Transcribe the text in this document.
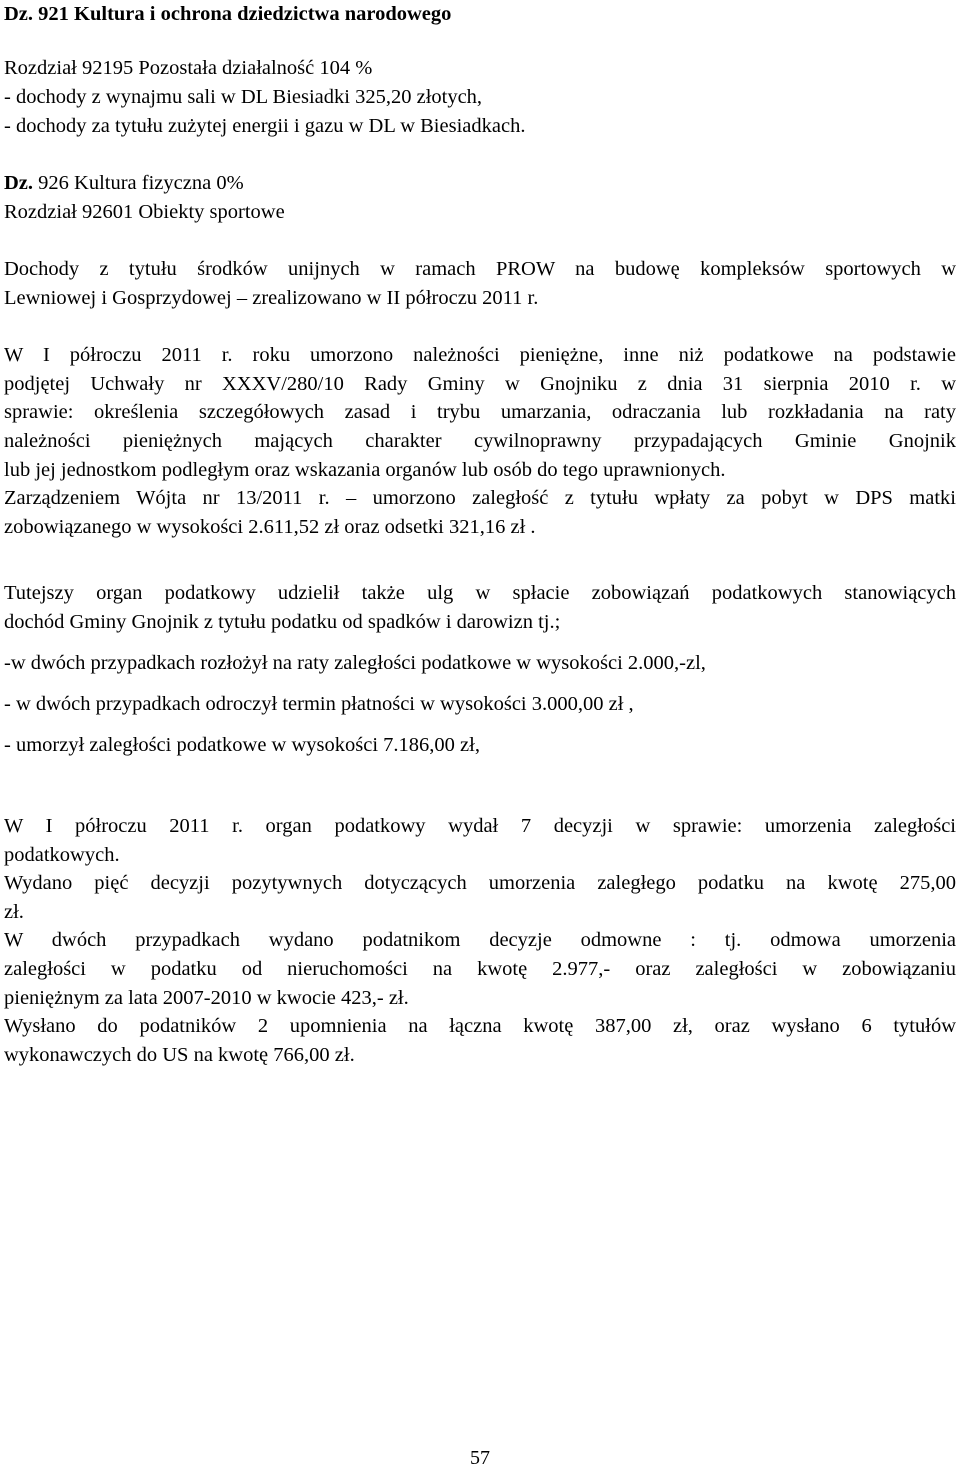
Dz. 921 Kultura i ochrona dziedzictwa narodowego
Rozdział 92195 Pozostała działalność 104 %
- dochody z wynajmu sali w DL Biesiadki 325,20 złotych,
- dochody za tytułu zużytej energii i gazu w DL w Biesiadkach.
Dz. 926 Kultura fizyczna 0%
Rozdział 92601 Obiekty sportowe
Dochody z tytułu środków unijnych w ramach PROW na budowę kompleksów sportowych w
Lewniowej i Gosprzydowej – zrealizowano w II półroczu 2011 r.
W I półroczu 2011 r. roku umorzono należności pieniężne, inne niż podatkowe na podstawie
podjętej Uchwały nr XXXV/280/10 Rady Gminy w Gnojniku z dnia 31 sierpnia 2010 r. w
sprawie: określenia szczegółowych zasad i trybu umarzania, odraczania lub rozkładania na raty
należności pieniężnych mających charakter cywilnoprawny przypadających Gminie Gnojnik
lub jej jednostkom podległym oraz wskazania organów lub osób do tego uprawnionych.
Zarządzeniem Wójta nr 13/2011 r. – umorzono zaległość z tytułu wpłaty za pobyt w DPS matki
zobowiązanego w wysokości 2.611,52 zł oraz odsetki 321,16 zł .
Tutejszy organ podatkowy udzielił także ulg w spłacie zobowiązań podatkowych stanowiących
dochód Gminy Gnojnik z tytułu podatku od spadków i darowizn tj.;
-w dwóch przypadkach rozłożył na raty zaległości podatkowe w wysokości 2.000,-zl,
- w dwóch przypadkach odroczył termin płatności w wysokości 3.000,00 zł ,
- umorzył zaległości podatkowe w wysokości 7.186,00 zł,
W I półroczu 2011 r. organ podatkowy wydał 7 decyzji w sprawie: umorzenia zaległości
podatkowych.
Wydano pięć decyzji pozytywnych dotyczących umorzenia zaległego podatku na kwotę 275,00
zł.
W dwóch przypadkach wydano podatnikom decyzje odmowne : tj. odmowa umorzenia
zaległości w podatku od nieruchomości na kwotę 2.977,- oraz zaległości w zobowiązaniu
pieniężnym za lata 2007-2010 w kwocie 423,- zł.
Wysłano do podatników 2 upomnienia na łączna kwotę 387,00 zł, oraz wysłano 6 tytułów
wykonawczych do US na kwotę 766,00 zł.
57
